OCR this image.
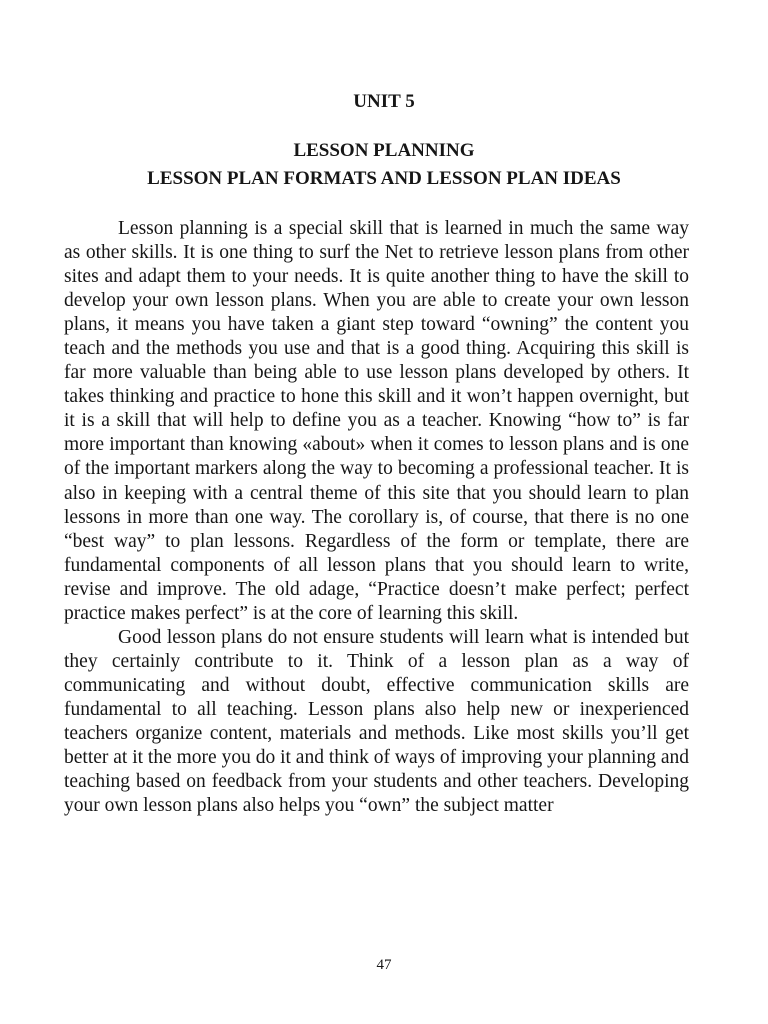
UNIT 5
LESSON PLANNING
LESSON PLAN FORMATS AND LESSON PLAN IDEAS

Lesson planning is a special skill that is learned in much the same way as other skills. It is one thing to surf the Net to retrieve lesson plans from other sites and adapt them to your needs. It is quite another thing to have the skill to develop your own lesson plans. When you are able to create your own lesson plans, it means you have taken a giant step toward “owning” the content you teach and the methods you use and that is a good thing. Acquiring this skill is far more valuable than being able to use lesson plans developed by others. It takes thinking and practice to hone this skill and it won’t happen overnight, but it is a skill that will help to define you as a teacher. Knowing “how to” is far more important than knowing «about» when it comes to lesson plans and is one of the important markers along the way to becoming a professional teacher. It is also in keeping with a central theme of this site that you should learn to plan lessons in more than one way. The corollary is, of course, that there is no one “best way” to plan lessons. Regardless of the form or template, there are fundamental components of all lesson plans that you should learn to write, revise and improve. The old adage, “Practice doesn’t make perfect; perfect practice makes perfect” is at the core of learning this skill.

Good lesson plans do not ensure students will learn what is intended but they certainly contribute to it. Think of a lesson plan as a way of communicating and without doubt, effective communication skills are fundamental to all teaching. Lesson plans also help new or inexperienced teachers organize content, materials and methods. Like most skills you’ll get better at it the more you do it and think of ways of improving your planning and teaching based on feedback from your students and other teachers. Developing your own lesson plans also helps you “own” the subject matter

47
